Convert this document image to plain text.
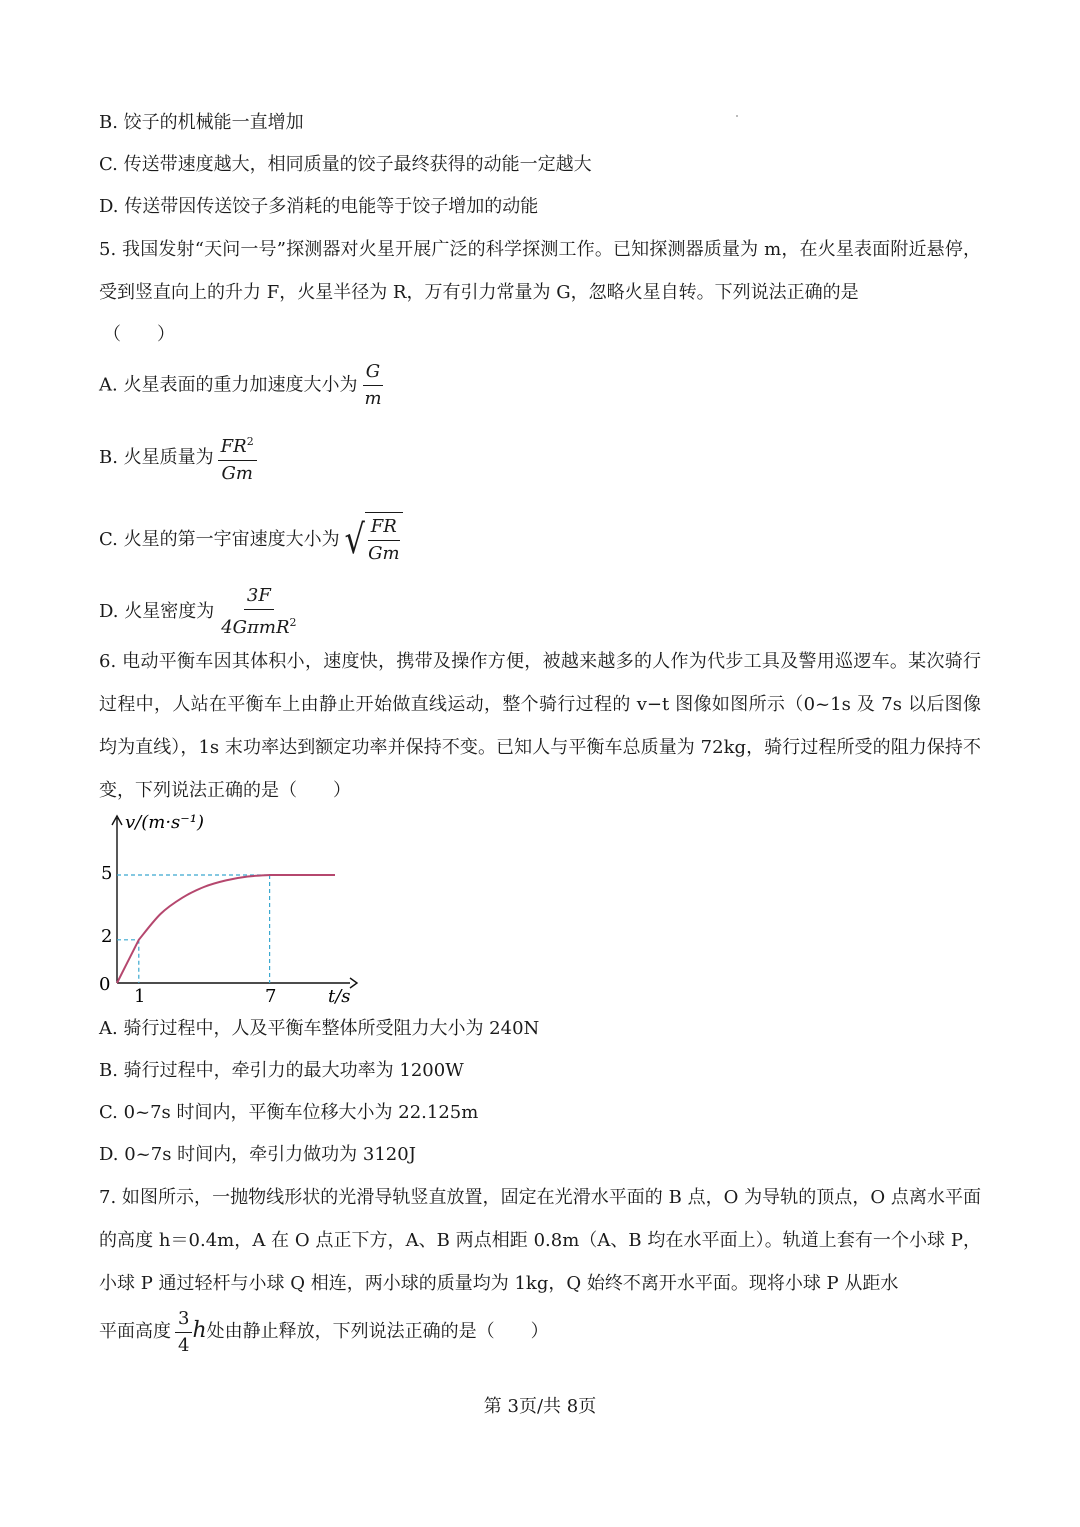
B. 饺子的机械能一直增加
C. 传送带速度越大，相同质量的饺子最终获得的动能一定越大
D. 传送带因传送饺子多消耗的电能等于饺子增加的动能
5. 我国发射“天问一号”探测器对火星开展广泛的科学探测工作。已知探测器质量为 m，在火星表面附近悬停，受到竖直向上的升力 F，火星半径为 R，万有引力常量为 G，忽略火星自转。下列说法正确的是
（　　）
A. 火星表面的重力加速度大小为 $\frac{G}{m}$
B. 火星质量为 $\frac{FR^2}{Gm}$
C. 火星的第一宇宙速度大小为 √ $\frac{FR}{Gm}$
D. 火星密度为 $\frac{3F}{4G\pi mR^2}$
6. 电动平衡车因其体积小，速度快，携带及操作方便，被越来越多的人作为代步工具及警用巡逻车。某次骑行过程中，人站在平衡车上由静止开始做直线运动，整个骑行过程的 v−t 图像如图所示（0~1s 及 7s 以后图像均为直线），1s 末功率达到额定功率并保持不变。已知人与平衡车总质量为 72kg，骑行过程所受的阻力保持不变，下列说法正确的是（　　）
v/(m·s⁻¹)
t/s
0
2
5
1	7
A. 骑行过程中，人及平衡车整体所受阻力大小为 240N
B. 骑行过程中，牵引力的最大功率为 1200W
C. 0~7s 时间内，平衡车位移大小为 22.125m
D. 0~7s 时间内，牵引力做功为 3120J
7. 如图所示，一抛物线形状的光滑导轨竖直放置，固定在光滑水平面的 B 点，O 为导轨的顶点，O 点离水平面的高度 h＝0.4m，A 在 O 点正下方，A、B 两点相距 0.8m（A、B 均在水平面上）。轨道上套有一个小球 P，小球 P 通过轻杆与小球 Q 相连，两小球的质量均为 1kg，Q 始终不离开水平面。现将小球 P 从距水
平面高度 $\frac{3}{4}$ h处由静止释放，下列说法正确的是（　　）
第 3页/共 8页
